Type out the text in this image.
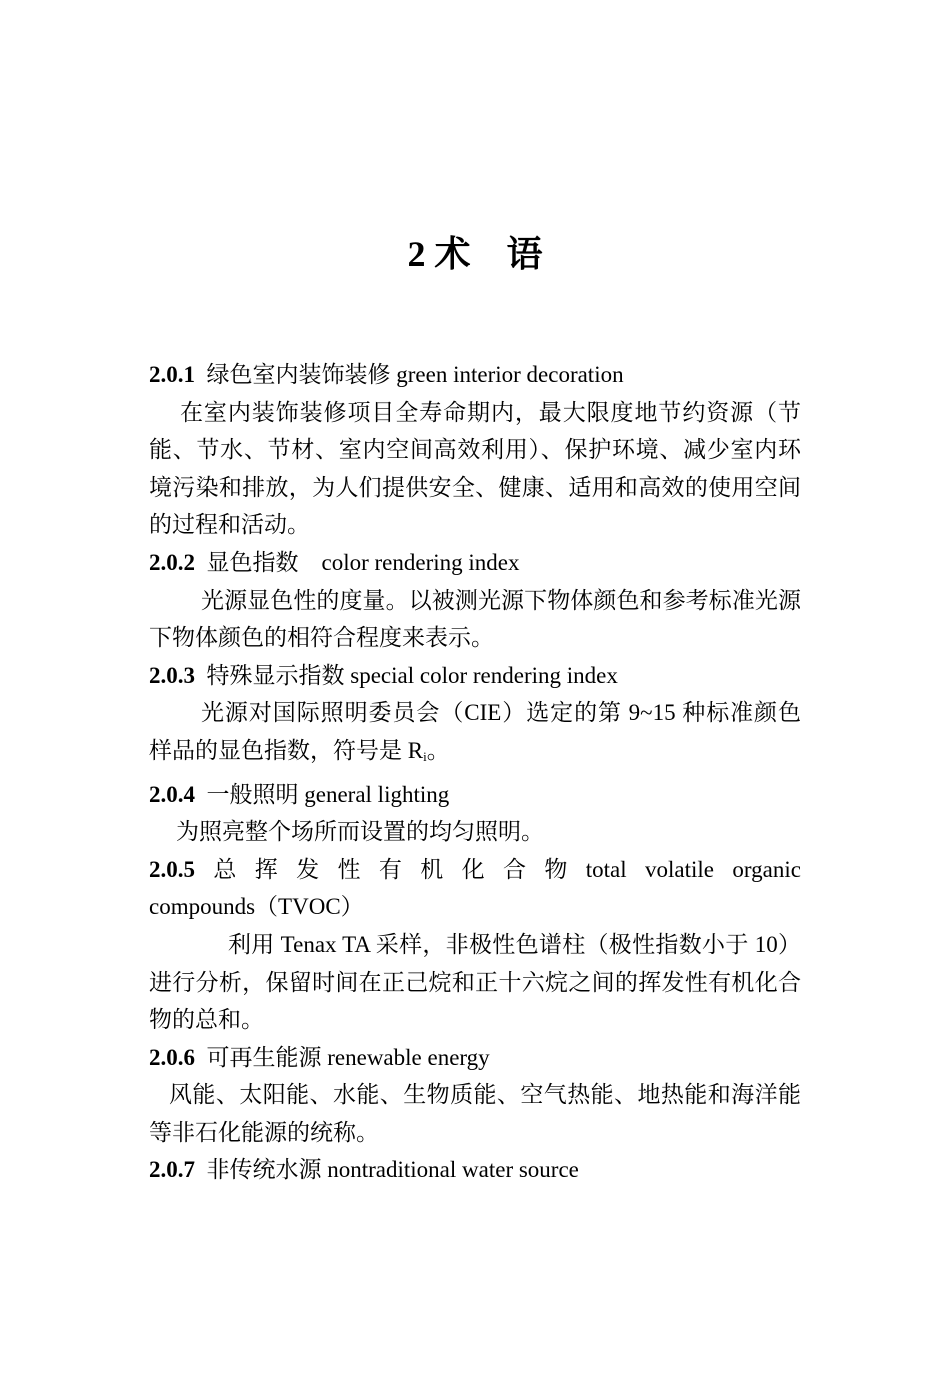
2 术　语

2.0.1 绿色室内装饰装修 green interior decoration

在室内装饰装修项目全寿命期内，最大限度地节约资源（节能、节水、节材、室内空间高效利用）、保护环境、减少室内环境污染和排放，为人们提供安全、健康、适用和高效的使用空间的过程和活动。

2.0.2 显色指数　color rendering index

光源显色性的度量。以被测光源下物体颜色和参考标准光源下物体颜色的相符合程度来表示。

2.0.3 特殊显示指数 special color rendering index

光源对国际照明委员会（CIE）选定的第 9~15 种标准颜色样品的显色指数，符号是 $R_i$。

2.0.4 一般照明 general lighting

为照亮整个场所而设置的均匀照明。

2.0.5 总 挥 发 性 有 机 化 合 物 total volatile organic
compounds（TVOC）

利用 Tenax TA 采样，非极性色谱柱（极性指数小于 10）进行分析，保留时间在正己烷和正十六烷之间的挥发性有机化合物的总和。

2.0.6 可再生能源 renewable energy

风能、太阳能、水能、生物质能、空气热能、地热能和海洋能等非石化能源的统称。

2.0.7 非传统水源 nontraditional water source
